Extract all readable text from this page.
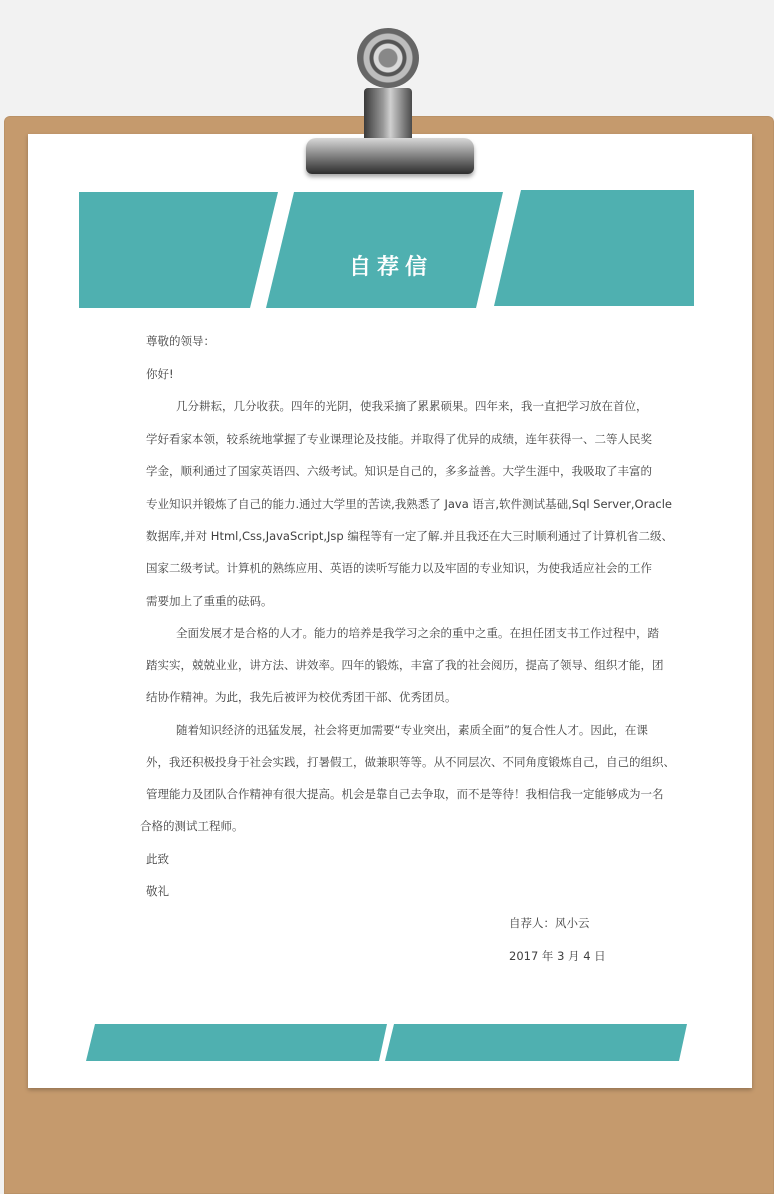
自荐信
尊敬的领导：
你好!
几分耕耘，几分收获。四年的光阴，使我采摘了累累硕果。四年来，我一直把学习放在首位，
学好看家本领，较系统地掌握了专业课理论及技能。并取得了优异的成绩，连年获得一、二等人民奖
学金，顺利通过了国家英语四、六级考试。知识是自己的，多多益善。大学生涯中，我吸取了丰富的
专业知识并锻炼了自己的能力.通过大学里的苦读,我熟悉了 Java 语言,软件测试基础,Sql Server,Oracle
数据库,并对 Html,Css,JavaScript,Jsp 编程等有一定了解.并且我还在大三时顺利通过了计算机省二级、
国家二级考试。计算机的熟练应用、英语的读听写能力以及牢固的专业知识，为使我适应社会的工作
需要加上了重重的砝码。
全面发展才是合格的人才。能力的培养是我学习之余的重中之重。在担任团支书工作过程中，踏
踏实实，兢兢业业，讲方法、讲效率。四年的锻炼，丰富了我的社会阅历，提高了领导、组织才能，团
结协作精神。为此，我先后被评为校优秀团干部、优秀团员。
随着知识经济的迅猛发展，社会将更加需要“专业突出，素质全面”的复合性人才。因此，在课
外，我还积极投身于社会实践，打暑假工，做兼职等等。从不同层次、不同角度锻炼自己，自己的组织、
管理能力及团队合作精神有很大提高。机会是靠自己去争取，而不是等待！我相信我一定能够成为一名
合格的测试工程师。
此致
敬礼
自荐人：风小云
2017 年 3 月 4 日
